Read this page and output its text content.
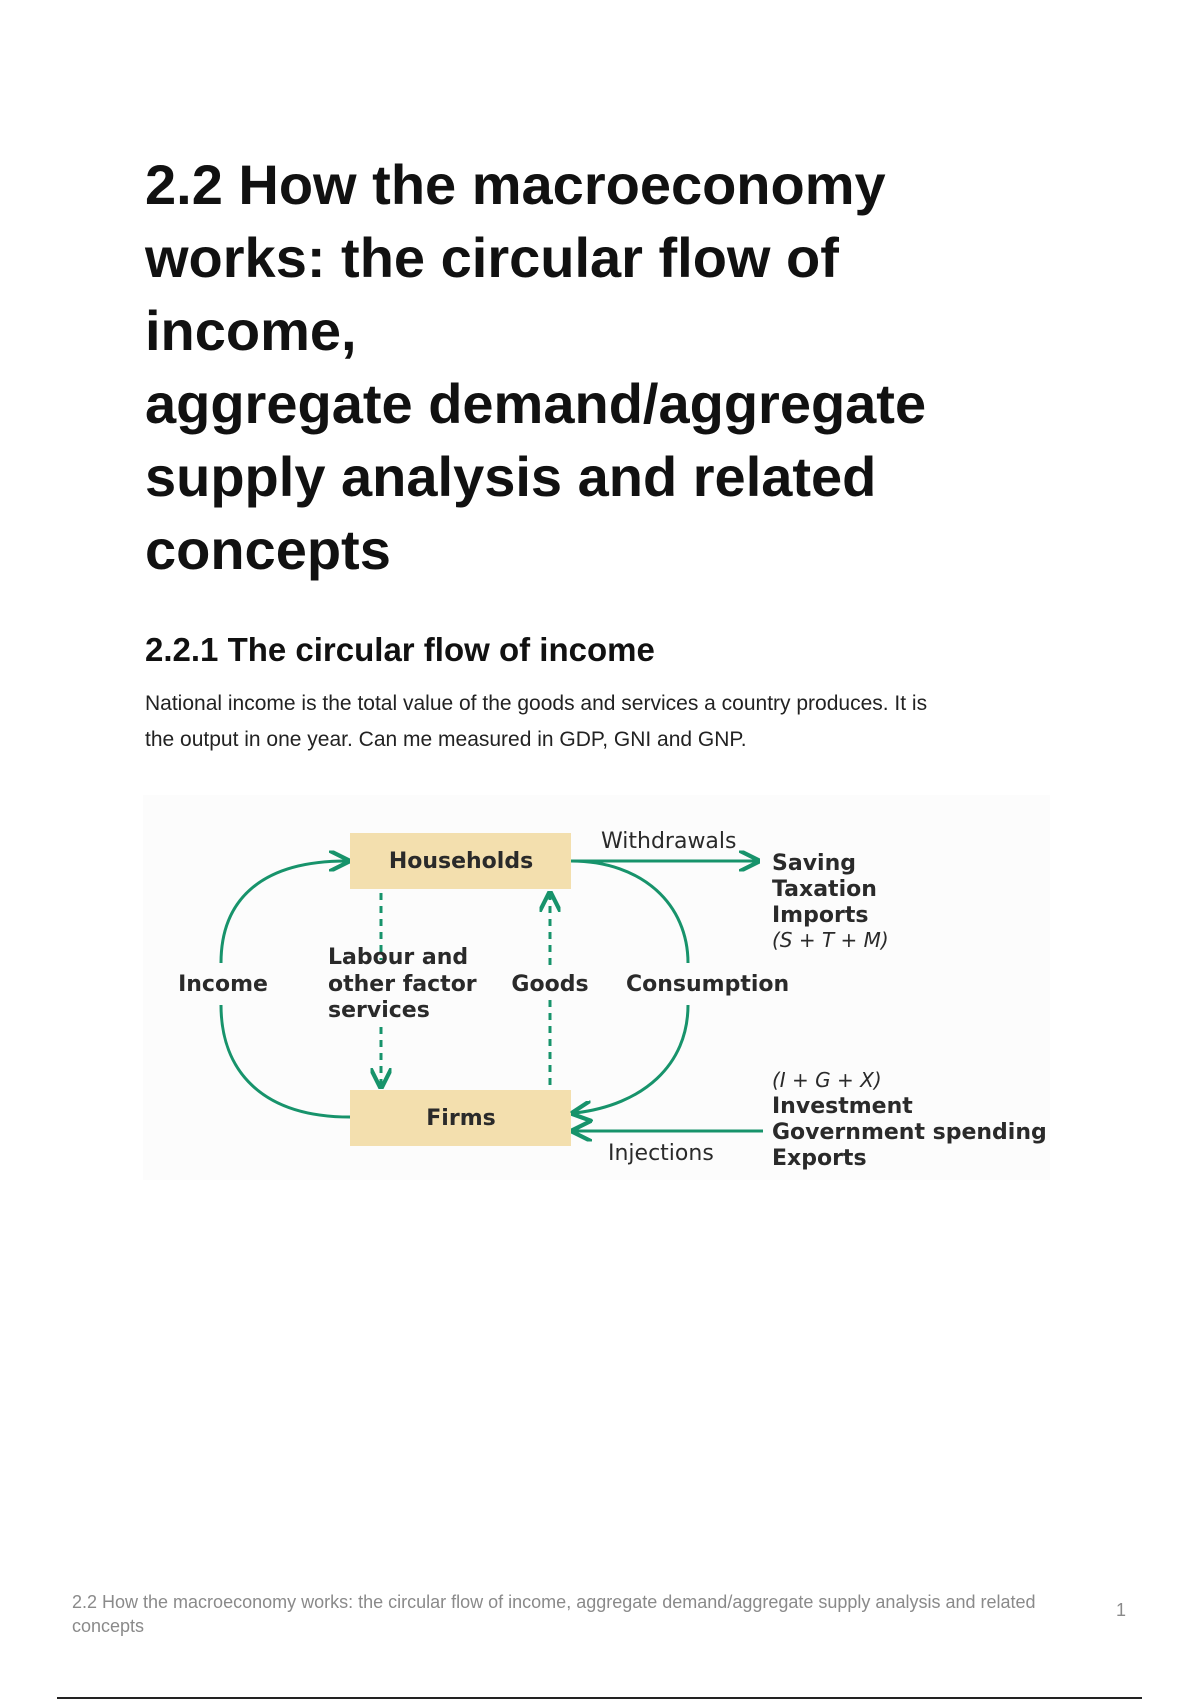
2.2 How the macroeconomy
works: the circular flow of
income,
aggregate demand/aggregate
supply analysis and related
concepts
2.2.1 The circular flow of income

National income is the total value of the goods and services a country produces. It is
the output in one year. Can me measured in GDP, GNI and GNP.

Households
Firms
Income
Labour and
other factor
services
Goods Consumption
Withdrawals
Saving
Taxation
Imports
(S + T + M)
Injections
(I + G + X)
Investment
Government spending
Exports

2.2 How the macroeconomy works: the circular flow of income, aggregate demand/aggregate supply analysis and related concepts

1
